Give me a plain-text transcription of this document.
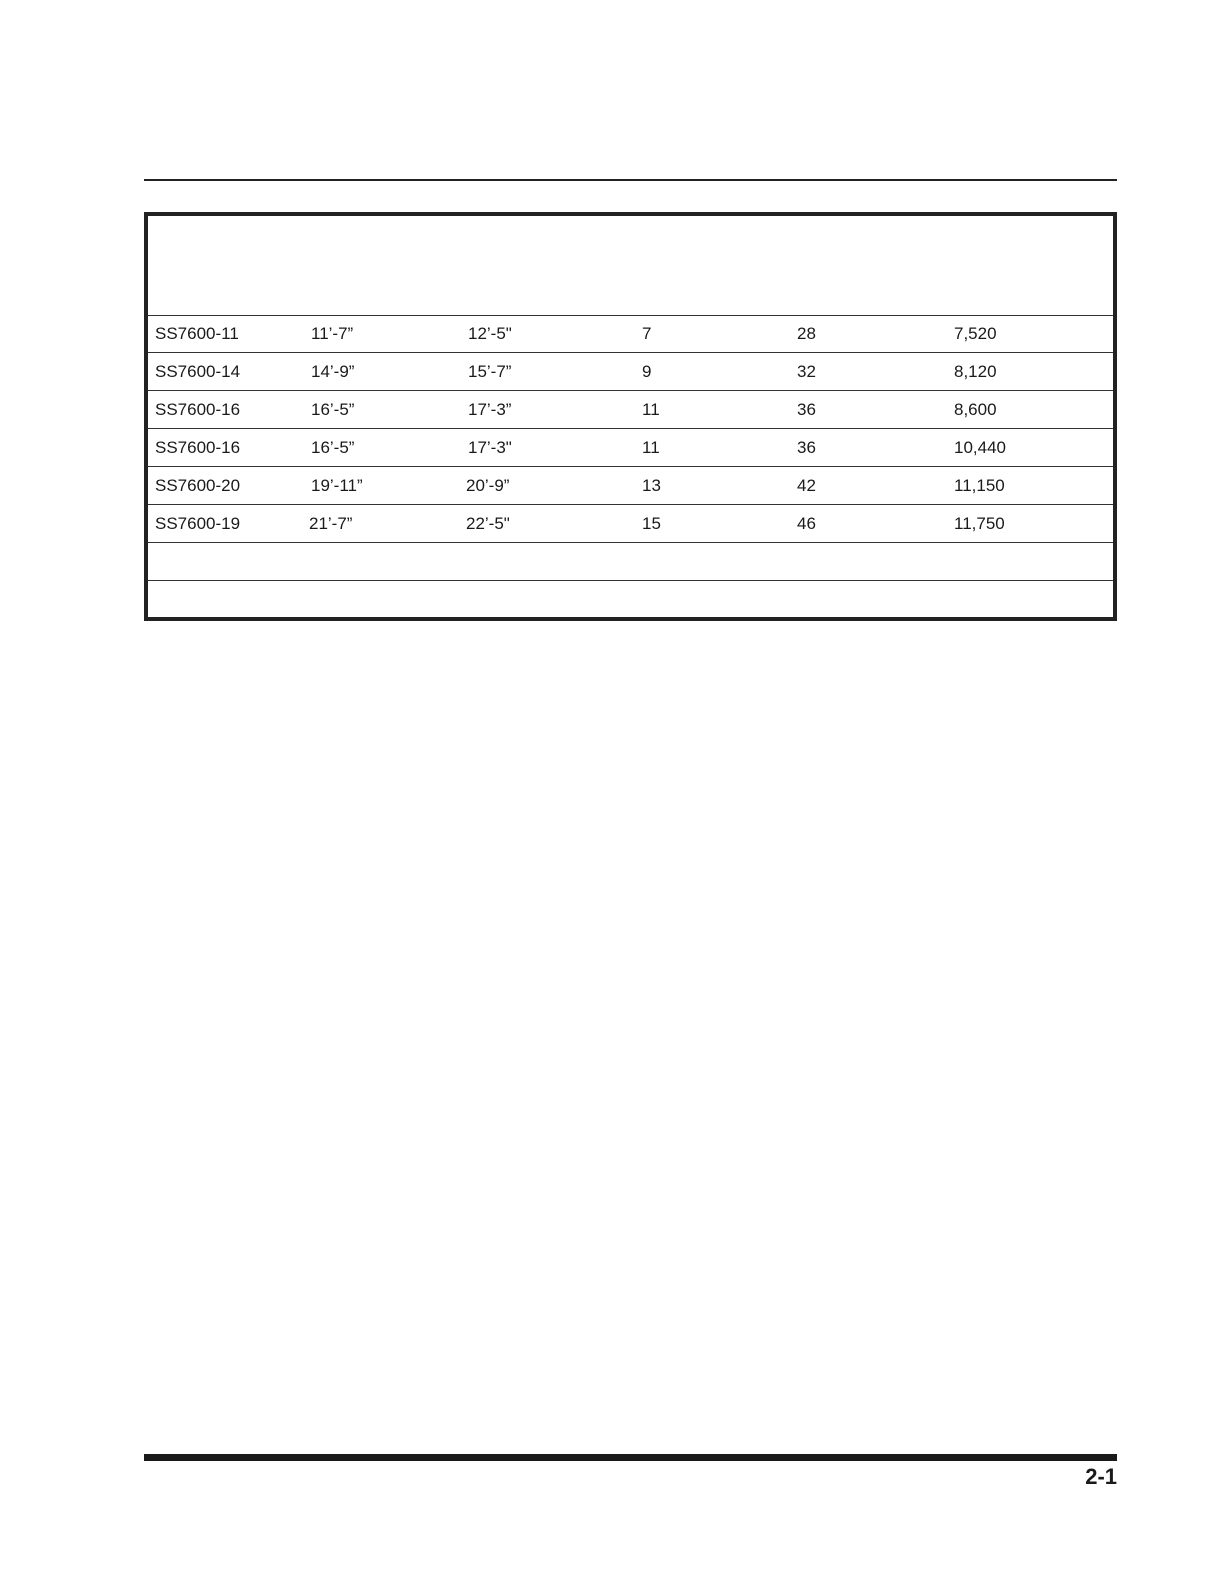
SS7600-11	11’-7”	12’-5"	7	28	7,520
SS7600-14	14’-9”	15’-7”	9	32	8,120
SS7600-16	16’-5”	17’-3”	11	36	8,600
SS7600-16	16’-5”	17’-3"	11	36	10,440
SS7600-20	19’-11”	20’-9”	13	42	11,150
SS7600-19	21’-7”	22’-5"	15	46	11,750
2-1
